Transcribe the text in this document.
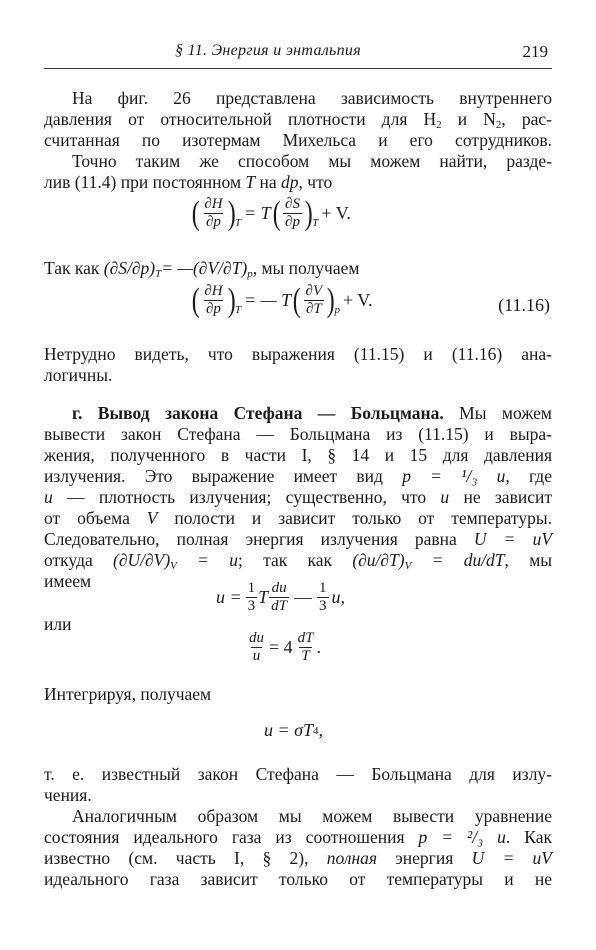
§ 11. Энергия и энтальпия	219
На фиг. 26 представлена зависимость внутреннего
давления от относительной плотности для $H_2$ и $N_2$, рас-
считанная по изотермам Михельса и его сотрудников.
Точно таким же способом мы можем найти, разде-
лив (11.4) при постоянном T на dp, что
( $\frac{\partial H}{\partial p}$ ) T = T ( $\frac{\partial S}{\partial p}$ ) T + V.
Так как $(\partial S/\partial p)_T=$ $—(\partial V/\partial T)_p$, мы получаем
( $\frac{\partial H}{\partial p}$ ) T = — T ( $\frac{\partial V}{\partial T}$ ) p + V.	(11.16)
Нетрудно видеть, что выражения (11.15) и (11.16) ана-
логичны.
г. Вывод закона Стефана — Больцмана. Мы можем
вывести закон Стефана — Больцмана из (11.15) и выра-
жения, полученного в части I, § 14 и 15 для давления
излучения. Это выражение имеет вид p = ¹/₃ u, где
u — плотность излучения; существенно, что u не зависит
от объема V полости и зависит только от температуры.
Следовательно, полная энергия излучения равна U = uV
откуда $(\partial U/\partial V)_V = u$; так как $(\partial u/\partial T)_V = du/dT$, мы
имеем
$u = \frac{1}{3}$ T $\frac{du}{dT}$ — $\frac{1}{3} u$,
или
$\frac{du}{u} = 4 \frac{dT}{T}$ .
Интегрируя, получаем
u = σT 4 ,
т. е. известный закон Стефана — Больцмана для излу-
чения.
Аналогичным образом мы можем вывести уравнение
состояния идеального газа из соотношения p = ²/₃ u. Как
известно (см. часть I, § 2), полная энергия U = uV
идеального газа зависит только от температуры и не
